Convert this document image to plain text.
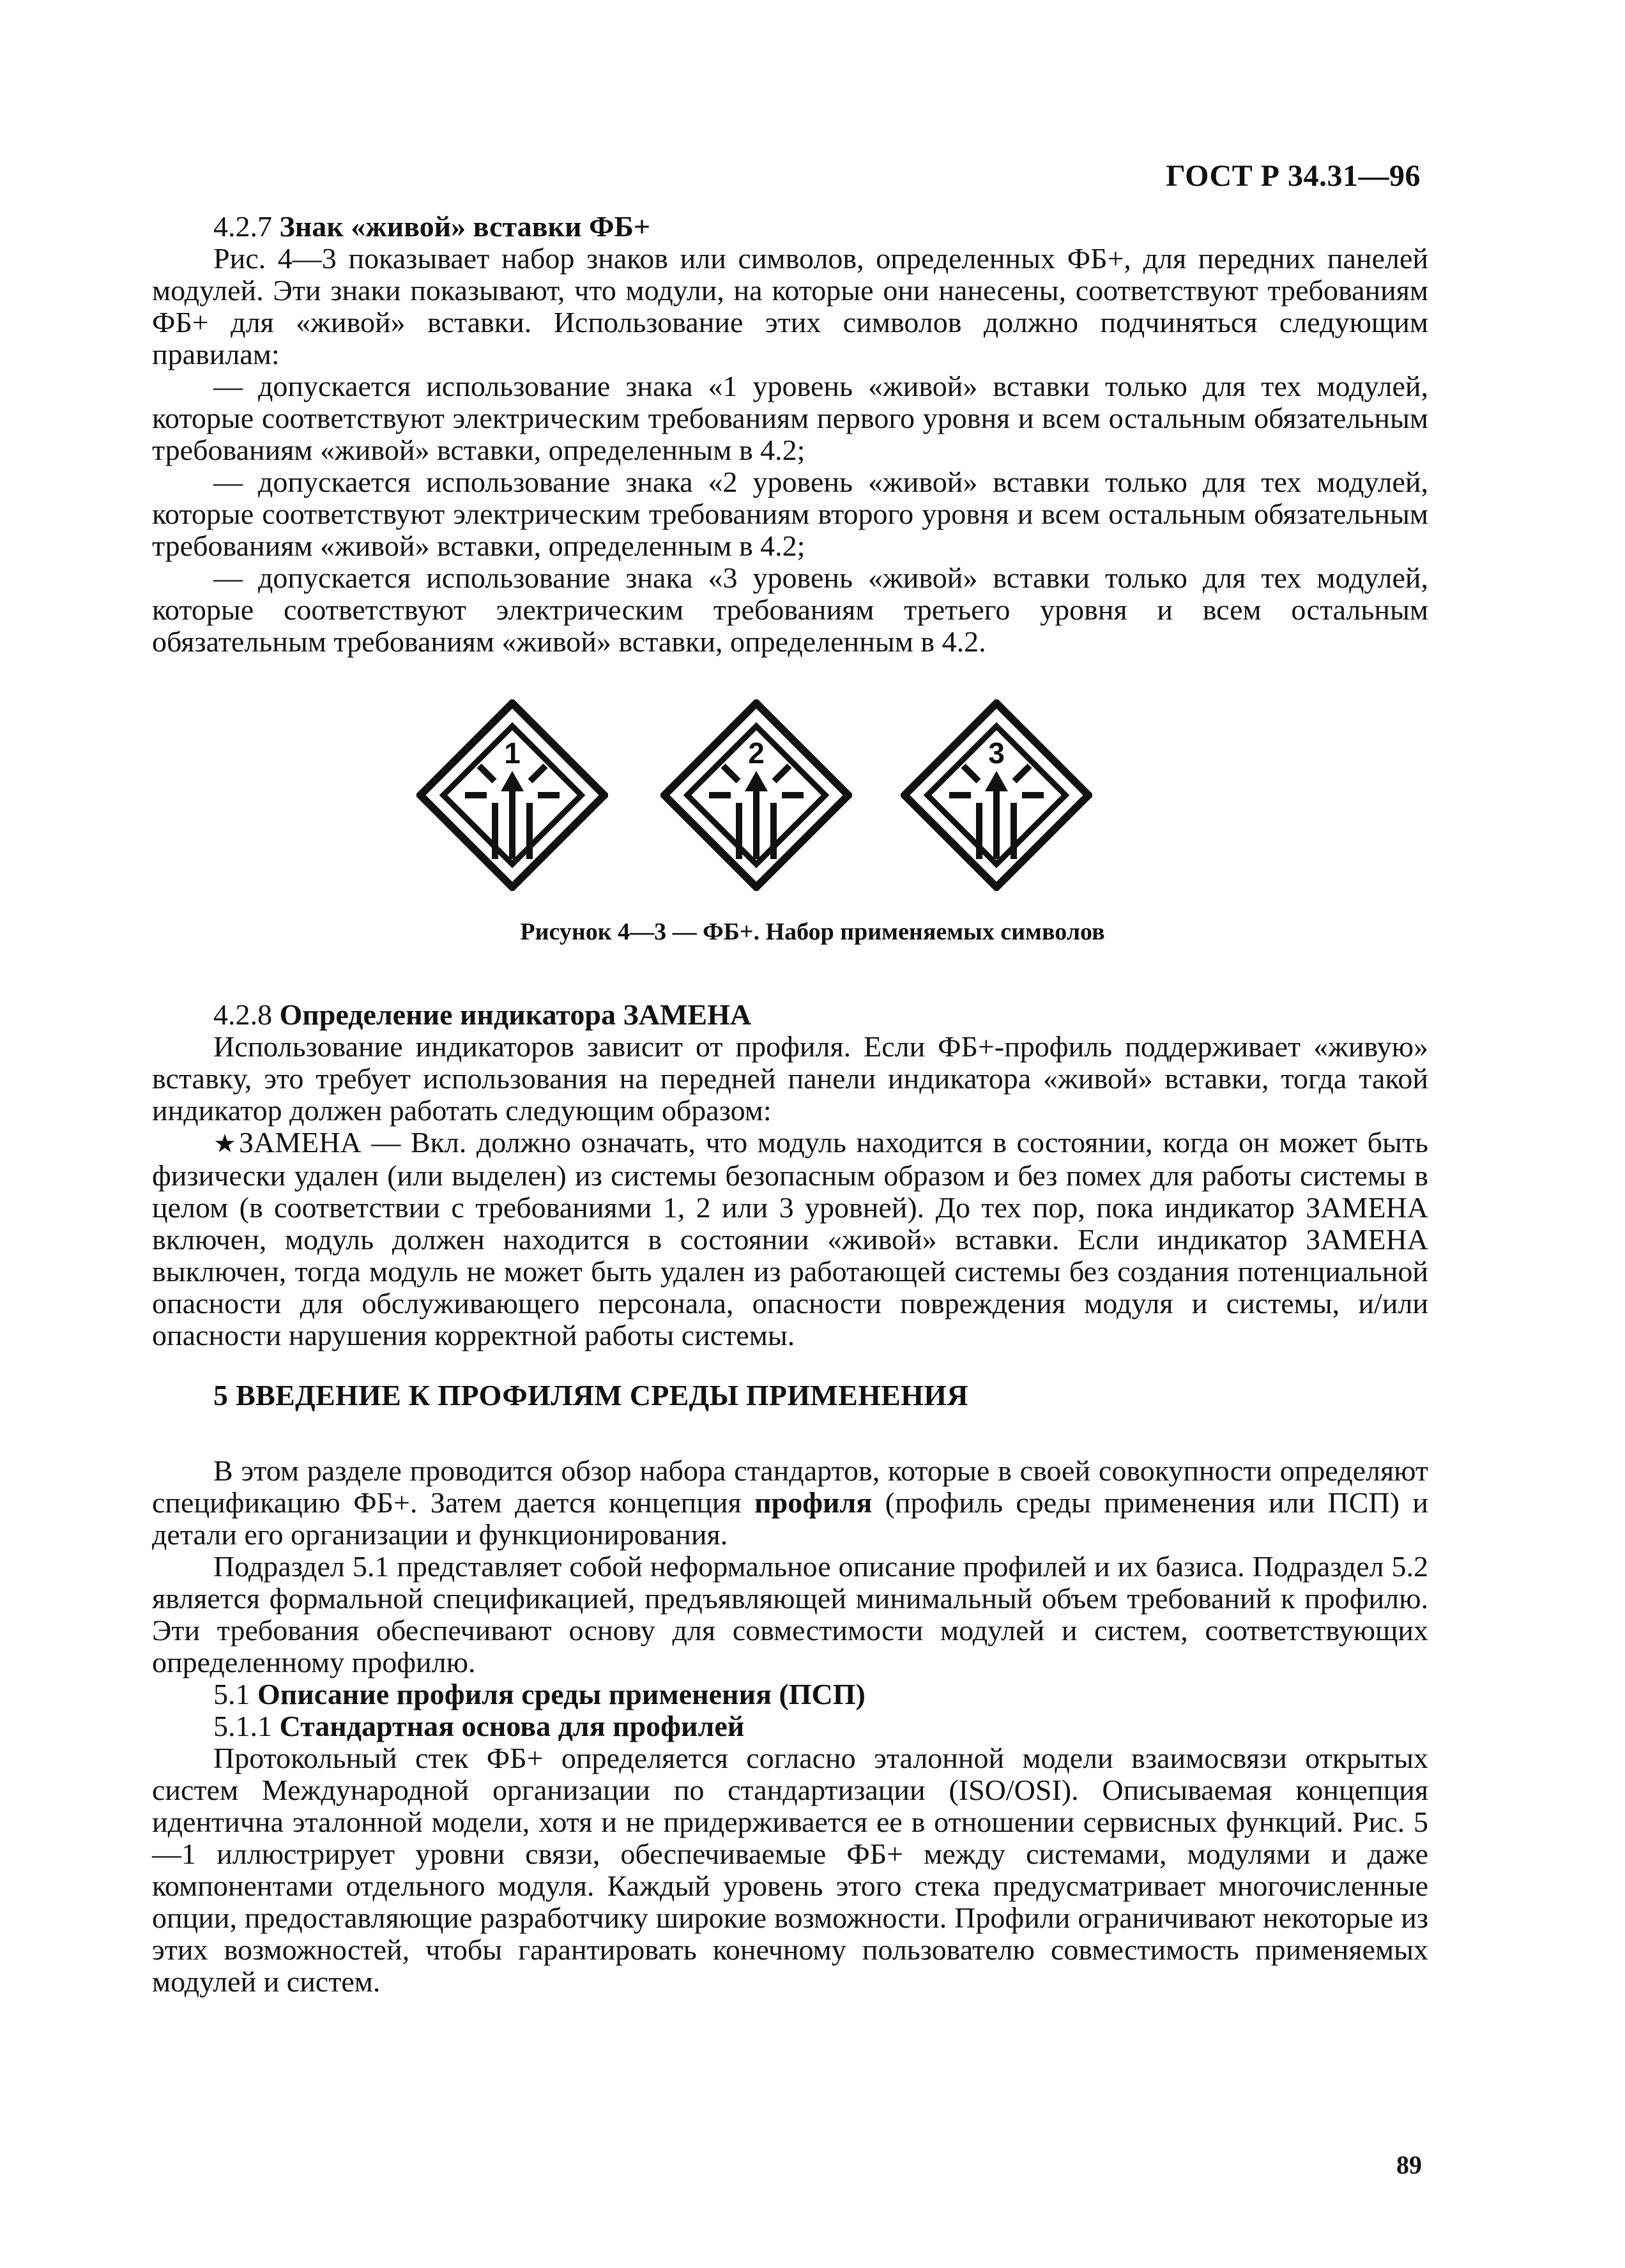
ГОСТ Р 34.31—96

4.2.7 Знак «живой» вставки ФБ+

Рис. 4—3 показывает набор знаков или символов, определенных ФБ+, для передних панелей модулей. Эти знаки показывают, что модули, на которые они нанесены, соответствуют требованиям ФБ+ для «живой» вставки. Использование этих символов должно подчиняться следующим правилам:

— допускается использование знака «1 уровень «живой» вставки только для тех модулей, которые соответствуют электрическим требованиям первого уровня и всем остальным обязательным требованиям «живой» вставки, определенным в 4.2;

— допускается использование знака «2 уровень «живой» вставки только для тех модулей, которые соответствуют электрическим требованиям второго уровня и всем остальным обязательным требованиям «живой» вставки, определенным в 4.2;

— допускается использование знака «3 уровень «живой» вставки только для тех модулей, которые соответствуют электрическим требованиям третьего уровня и всем остальным обязательным требованиям «живой» вставки, определенным в 4.2.

1	2	3
Рисунок 4—3 — ФБ+. Набор применяемых символов

4.2.8 Определение индикатора ЗАМЕНА

Использование индикаторов зависит от профиля. Если ФБ+-профиль поддерживает «живую» вставку, это требует использования на передней панели индикатора «живой» вставки, тогда такой индикатор должен работать следующим образом:

★ЗАМЕНА — Вкл. должно означать, что модуль находится в состоянии, когда он может быть физически удален (или выделен) из системы безопасным образом и без помех для работы системы в целом (в соответствии с требованиями 1, 2 или 3 уровней). До тех пор, пока индикатор ЗАМЕНА включен, модуль должен находится в состоянии «живой» вставки. Если индикатор ЗАМЕНА выключен, тогда модуль не может быть удален из работающей системы без создания потенциальной опасности для обслуживающего персонала, опасности повреждения модуля и системы, и/или опасности нарушения корректной работы системы.

5 ВВЕДЕНИЕ К ПРОФИЛЯМ СРЕДЫ ПРИМЕНЕНИЯ

В этом разделе проводится обзор набора стандартов, которые в своей совокупности определяют спецификацию ФБ+. Затем дается концепция профиля (профиль среды применения или ПСП) и детали его организации и функционирования.

Подраздел 5.1 представляет собой неформальное описание профилей и их базиса. Подраздел 5.2 является формальной спецификацией, предъявляющей минимальный объем требований к профилю. Эти требования обеспечивают основу для совместимости модулей и систем, соответствующих определенному профилю.

5.1 Описание профиля среды применения (ПСП)

5.1.1 Стандартная основа для профилей

Протокольный стек ФБ+ определяется согласно эталонной модели взаимосвязи открытых систем Международной организации по стандартизации (ISO/OSI). Описываемая концепция идентична эталонной модели, хотя и не придерживается ее в отношении сервисных функций. Рис. 5—1 иллюстрирует уровни связи, обеспечиваемые ФБ+ между системами, модулями и даже компонентами отдельного модуля. Каждый уровень этого стека предусматривает многочисленные опции, предоставляющие разработчику широкие возможности. Профили ограничивают некоторые из этих возможностей, чтобы гарантировать конечному пользователю совместимость применяемых модулей и систем.

89
